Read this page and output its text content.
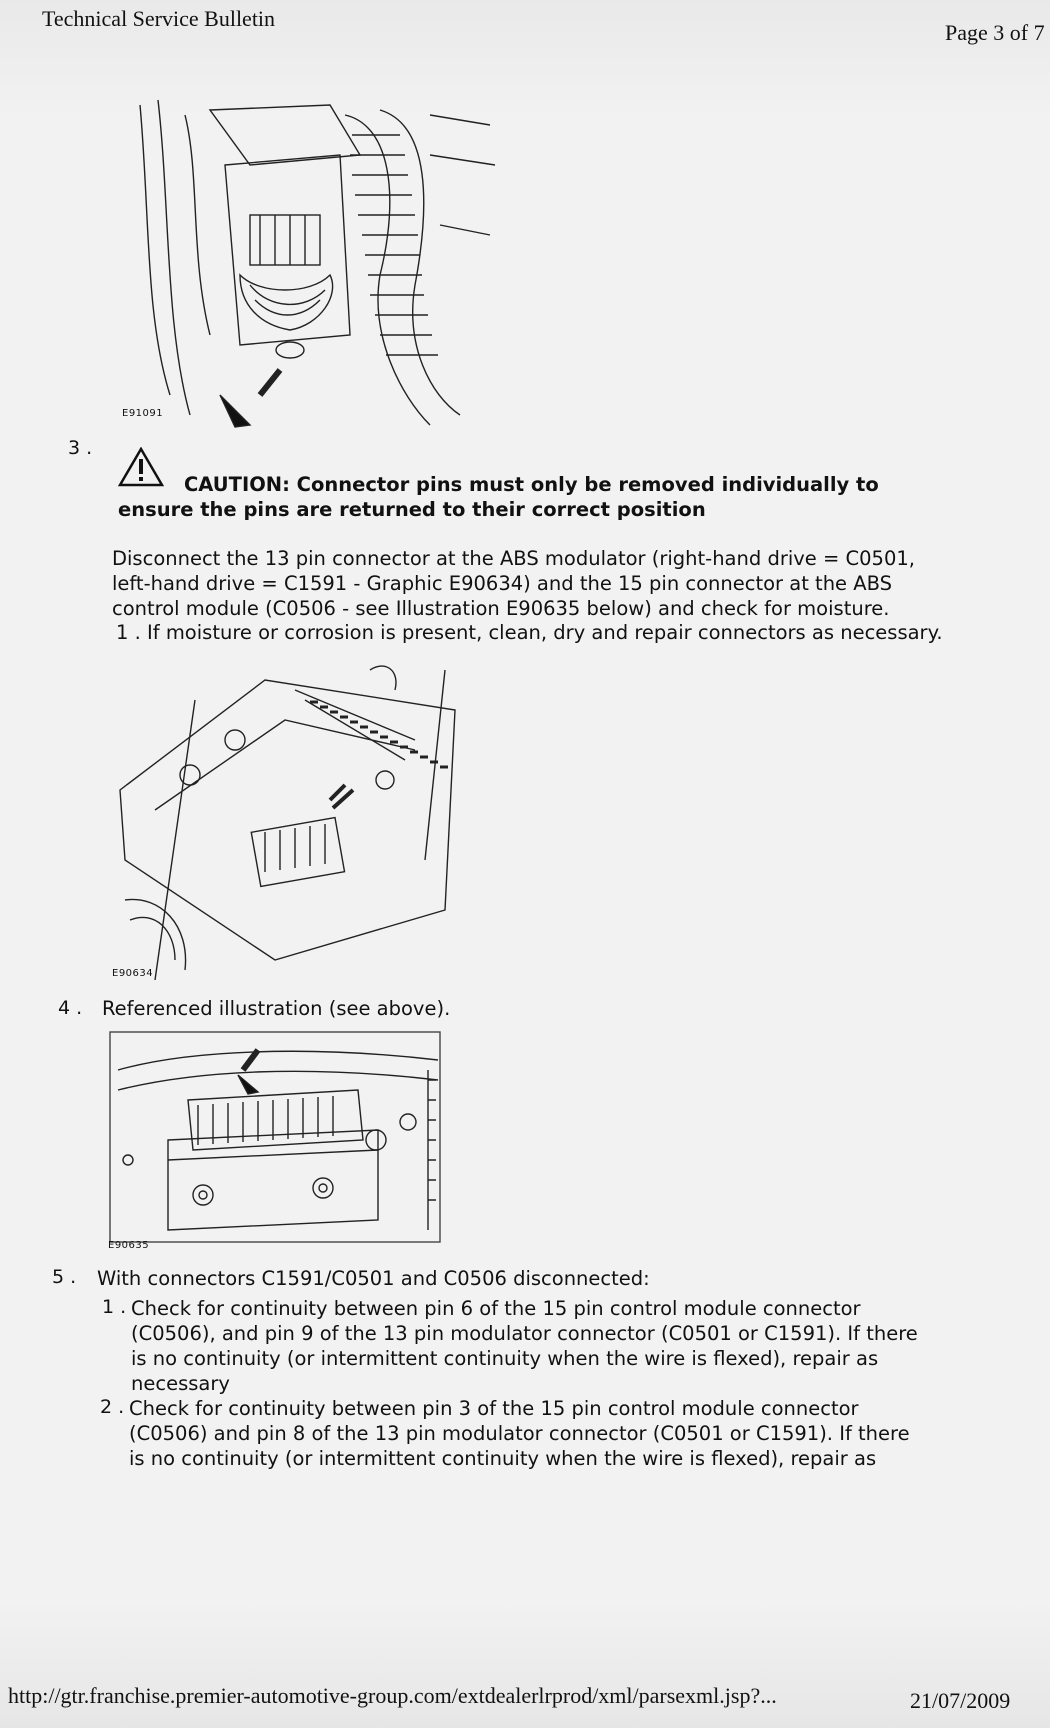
Technical Service Bulletin
Page 3 of 7
E91091
3 .
CAUTION: Connector pins must only be removed individually to ensure the pins are returned to their correct position
Disconnect the 13 pin connector at the ABS modulator (right-hand drive = C0501, left-hand drive = C1591 - Graphic E90634) and the 15 pin connector at the ABS control module (C0506 - see Illustration E90635 below) and check for moisture.
1 . If moisture or corrosion is present, clean, dry and repair connectors as necessary.
E90634
4 . Referenced illustration (see above).
E90635
5 . With connectors C1591/C0501 and C0506 disconnected:
1 . Check for continuity between pin 6 of the 15 pin control module connector (C0506), and pin 9 of the 13 pin modulator connector (C0501 or C1591). If there is no continuity (or intermittent continuity when the wire is flexed), repair as necessary
2 . Check for continuity between pin 3 of the 15 pin control module connector (C0506) and pin 8 of the 13 pin modulator connector (C0501 or C1591). If there is no continuity (or intermittent continuity when the wire is flexed), repair as
http://gtr.franchise.premier-automotive-group.com/extdealerlrprod/xml/parsexml.jsp?...	21/07/2009
